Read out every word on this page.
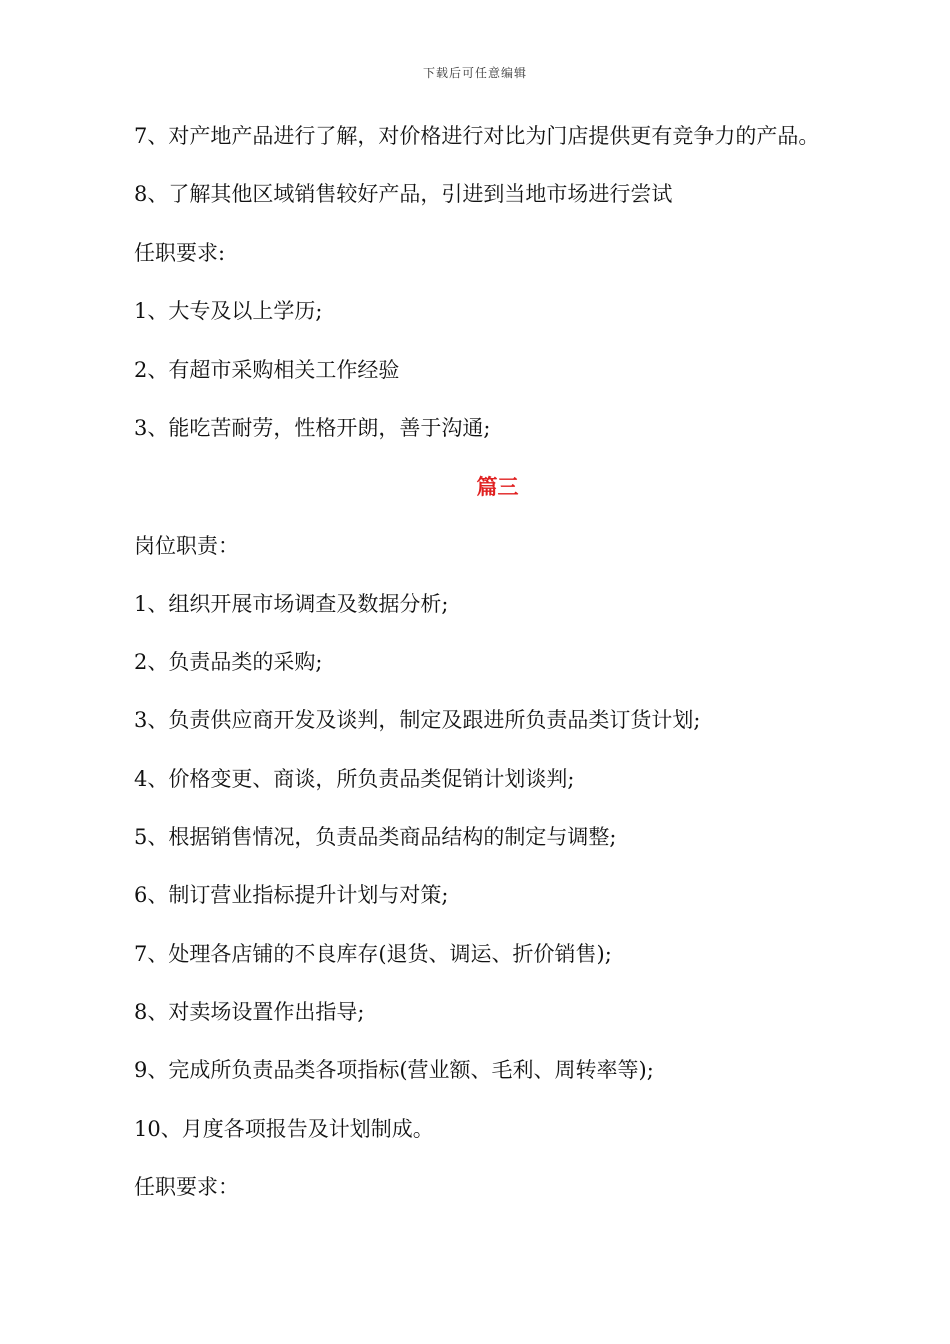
下载后可任意编辑
7、对产地产品进行了解，对价格进行对比为门店提供更有竞争力的产品。
8、了解其他区域销售较好产品，引进到当地市场进行尝试
任职要求:
1、大专及以上学历;
2、有超市采购相关工作经验
3、能吃苦耐劳，性格开朗，善于沟通;
篇三
岗位职责：
1、组织开展市场调查及数据分析;
2、负责品类的采购;
3、负责供应商开发及谈判，制定及跟进所负责品类订货计划;
4、价格变更、商谈，所负责品类促销计划谈判;
5、根据销售情况，负责品类商品结构的制定与调整;
6、制订营业指标提升计划与对策;
7、处理各店铺的不良库存(退货、调运、折价销售);
8、对卖场设置作出指导;
9、完成所负责品类各项指标(营业额、毛利、周转率等);
10、月度各项报告及计划制成。
任职要求：
